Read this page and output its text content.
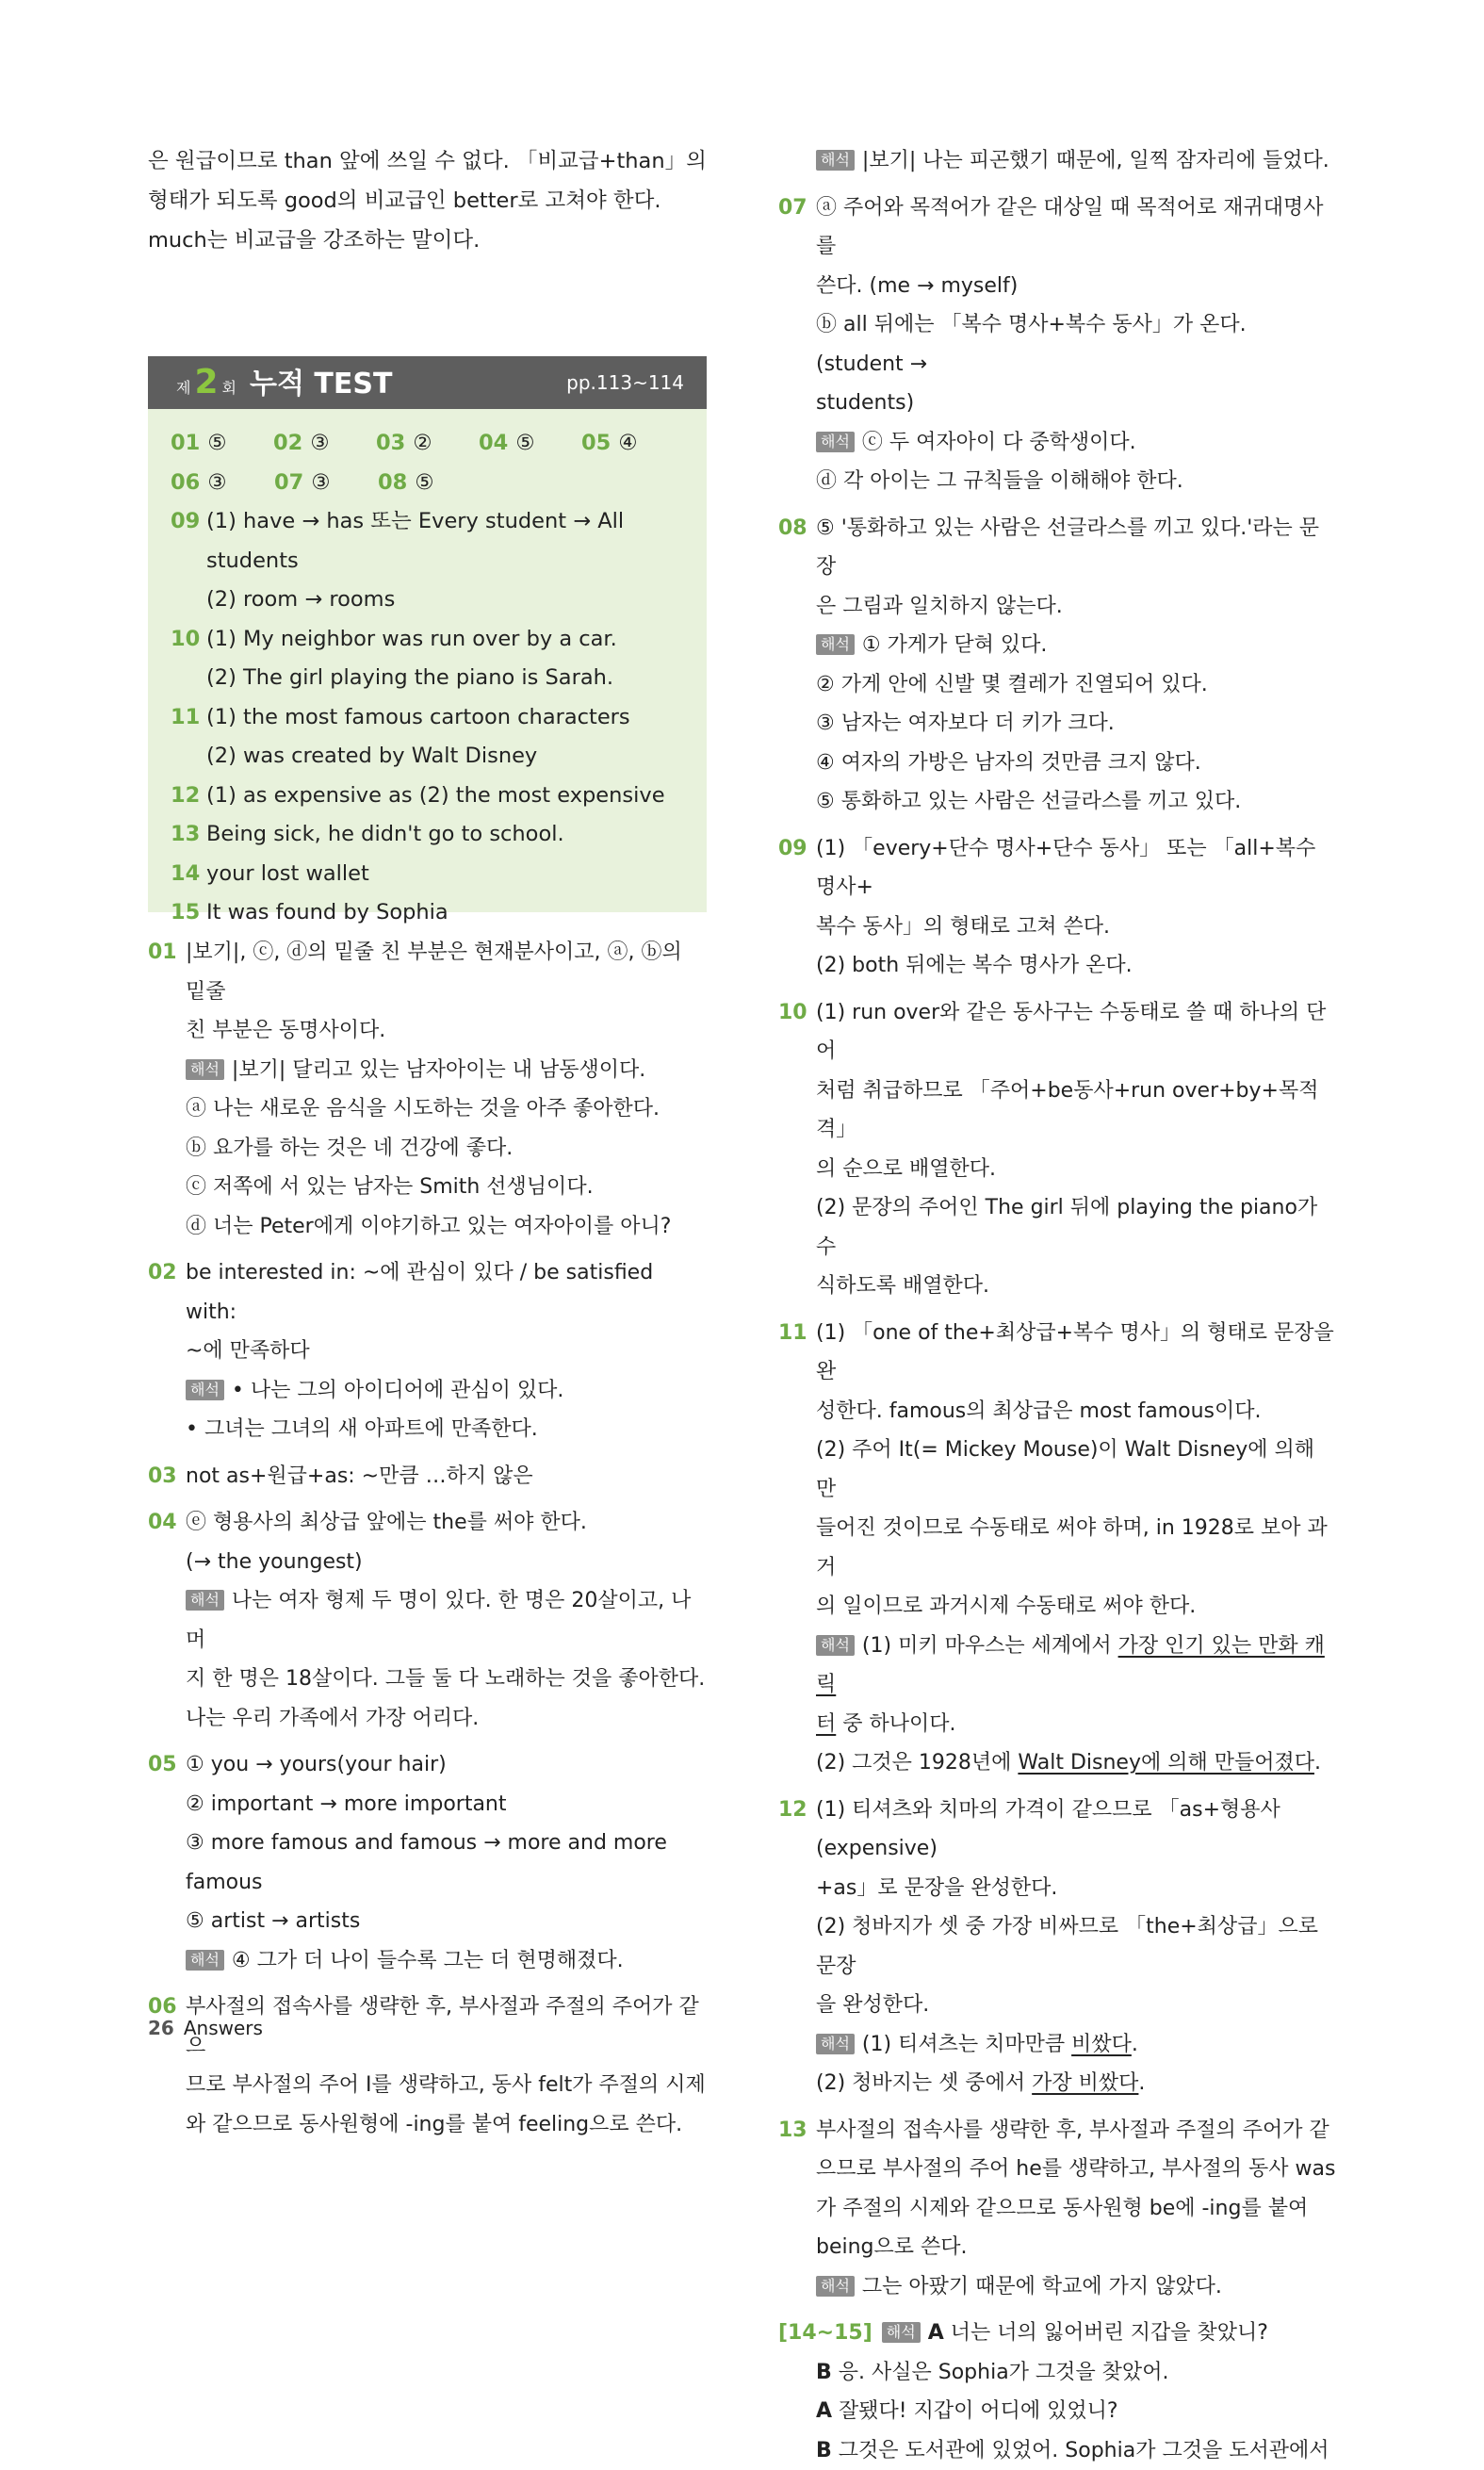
은 원급이므로 than 앞에 쓰일 수 없다. 「비교급+than」의
형태가 되도록 good의 비교급인 better로 고쳐야 한다.
much는 비교급을 강조하는 말이다.
제 2 회 누적 TEST	pp.113~114
01 ⑤	02 ③	03 ②	04 ⑤	05 ④
06 ③	07 ③	08 ⑤
09 (1) have → has 또는 Every student → All students
(2) room → rooms
10 (1) My neighbor was run over by a car.
(2) The girl playing the piano is Sarah.
11 (1) the most famous cartoon characters
(2) was created by Walt Disney
12 (1) as expensive as (2) the most expensive
13 Being sick, he didn't go to school.
14 your lost wallet
15 It was found by Sophia
01 |보기|, ⓒ, ⓓ의 밑줄 친 부분은 현재분사이고, ⓐ, ⓑ의 밑줄
친 부분은 동명사이다.
해석 |보기| 달리고 있는 남자아이는 내 남동생이다.
ⓐ 나는 새로운 음식을 시도하는 것을 아주 좋아한다.
ⓑ 요가를 하는 것은 네 건강에 좋다.
ⓒ 저쪽에 서 있는 남자는 Smith 선생님이다.
ⓓ 너는 Peter에게 이야기하고 있는 여자아이를 아니?
02 be interested in: ~에 관심이 있다 / be satisfied with:
~에 만족하다
해석 • 나는 그의 아이디어에 관심이 있다.
• 그녀는 그녀의 새 아파트에 만족한다.
03 not as+원급+as: ~만큼 …하지 않은
04 ⓔ 형용사의 최상급 앞에는 the를 써야 한다.
(→ the youngest)
해석 나는 여자 형제 두 명이 있다. 한 명은 20살이고, 나머
지 한 명은 18살이다. 그들 둘 다 노래하는 것을 좋아한다.
나는 우리 가족에서 가장 어리다.
05 ① you → yours(your hair)
② important → more important
③ more famous and famous → more and more famous
⑤ artist → artists
해석 ④ 그가 더 나이 들수록 그는 더 현명해졌다.
06 부사절의 접속사를 생략한 후, 부사절과 주절의 주어가 같으
므로 부사절의 주어 I를 생략하고, 동사 felt가 주절의 시제
와 같으므로 동사원형에 -ing를 붙여 feeling으로 쓴다.
해석 |보기| 나는 피곤했기 때문에, 일찍 잠자리에 들었다.
07 ⓐ 주어와 목적어가 같은 대상일 때 목적어로 재귀대명사를
쓴다. (me → myself)
ⓑ all 뒤에는 「복수 명사+복수 동사」가 온다. (student →
students)
해석 ⓒ 두 여자아이 다 중학생이다.
ⓓ 각 아이는 그 규칙들을 이해해야 한다.
08 ⑤ '통화하고 있는 사람은 선글라스를 끼고 있다.'라는 문장
은 그림과 일치하지 않는다.
해석 ① 가게가 닫혀 있다.
② 가게 안에 신발 몇 켤레가 진열되어 있다.
③ 남자는 여자보다 더 키가 크다.
④ 여자의 가방은 남자의 것만큼 크지 않다.
⑤ 통화하고 있는 사람은 선글라스를 끼고 있다.
09 (1) 「every+단수 명사+단수 동사」 또는 「all+복수 명사+
복수 동사」의 형태로 고쳐 쓴다.
(2) both 뒤에는 복수 명사가 온다.
10 (1) run over와 같은 동사구는 수동태로 쓸 때 하나의 단어
처럼 취급하므로 「주어+be동사+run over+by+목적격」
의 순으로 배열한다.
(2) 문장의 주어인 The girl 뒤에 playing the piano가 수
식하도록 배열한다.
11 (1) 「one of the+최상급+복수 명사」의 형태로 문장을 완
성한다. famous의 최상급은 most famous이다.
(2) 주어 It(= Mickey Mouse)이 Walt Disney에 의해 만
들어진 것이므로 수동태로 써야 하며, in 1928로 보아 과거
의 일이므로 과거시제 수동태로 써야 한다.
해석 (1) 미키 마우스는 세계에서 가장 인기 있는 만화 캐릭
터 중 하나이다.
(2) 그것은 1928년에 Walt Disney에 의해 만들어졌다.
12 (1) 티셔츠와 치마의 가격이 같으므로 「as+형용사(expensive)
+as」로 문장을 완성한다.
(2) 청바지가 셋 중 가장 비싸므로 「the+최상급」으로 문장
을 완성한다.
해석 (1) 티셔츠는 치마만큼 비쌌다.
(2) 청바지는 셋 중에서 가장 비쌌다.
13 부사절의 접속사를 생략한 후, 부사절과 주절의 주어가 같
으므로 부사절의 주어 he를 생략하고, 부사절의 동사 was
가 주절의 시제와 같으므로 동사원형 be에 -ing를 붙여
being으로 쓴다.
해석 그는 아팠기 때문에 학교에 가지 않았다.
[14~15] 해석 A 너는 너의 잃어버린 지갑을 찾았니?
B 응. 사실은 Sophia가 그것을 찾았어.
A 잘됐다! 지갑이 어디에 있었니?
B 그것은 도서관에 있었어. Sophia가 그것을 도서관에서
26 Answers
